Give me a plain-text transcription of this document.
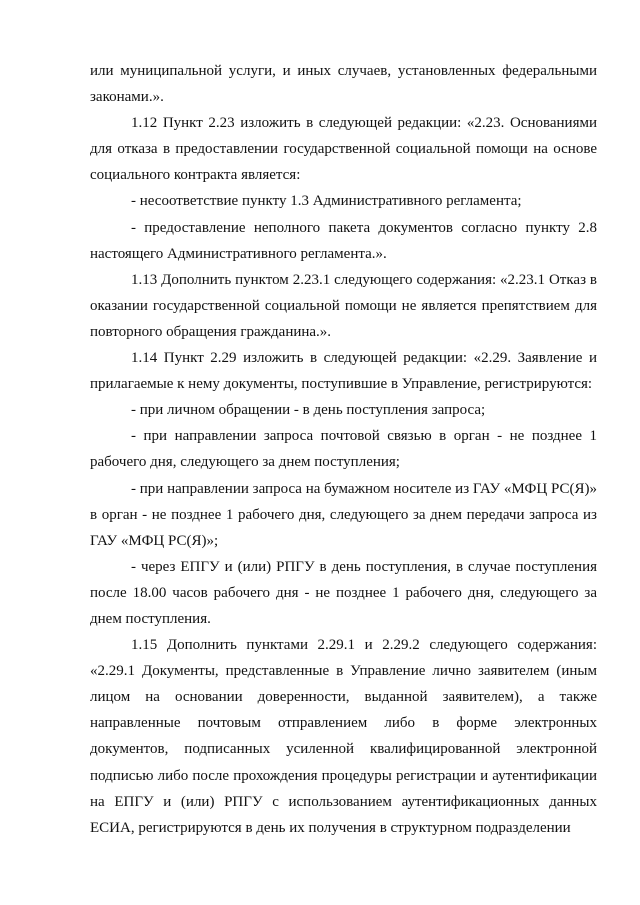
или муниципальной услуги, и иных случаев, установленных федеральными законами.».

1.12 Пункт 2.23 изложить в следующей редакции: «2.23. Основаниями для отказа в предоставлении государственной социальной помощи на основе социального контракта является:

- несоответствие пункту 1.3 Административного регламента;

- предоставление неполного пакета документов согласно пункту 2.8 настоящего Административного регламента.».

1.13 Дополнить пунктом 2.23.1 следующего содержания: «2.23.1 Отказ в оказании государственной социальной помощи не является препятствием для повторного обращения гражданина.».

1.14 Пункт 2.29 изложить в следующей редакции: «2.29. Заявление и прилагаемые к нему документы, поступившие в Управление, регистрируются:

- при личном обращении - в день поступления запроса;

- при направлении запроса почтовой связью в орган - не позднее 1 рабочего дня, следующего за днем поступления;

- при направлении запроса на бумажном носителе из ГАУ «МФЦ РС(Я)» в орган - не позднее 1 рабочего дня, следующего за днем передачи запроса из ГАУ «МФЦ РС(Я)»;

- через ЕПГУ и (или) РПГУ в день поступления, в случае поступления после 18.00 часов рабочего дня - не позднее 1 рабочего дня, следующего за днем поступления.

1.15 Дополнить пунктами 2.29.1 и 2.29.2 следующего содержания: «2.29.1 Документы, представленные в Управление лично заявителем (иным лицом на основании доверенности, выданной заявителем), а также направленные почтовым отправлением либо в форме электронных документов, подписанных усиленной квалифицированной электронной подписью либо после прохождения процедуры регистрации и аутентификации на ЕПГУ и (или) РПГУ с использованием аутентификационных данных ЕСИА, регистрируются в день их получения в структурном подразделении
